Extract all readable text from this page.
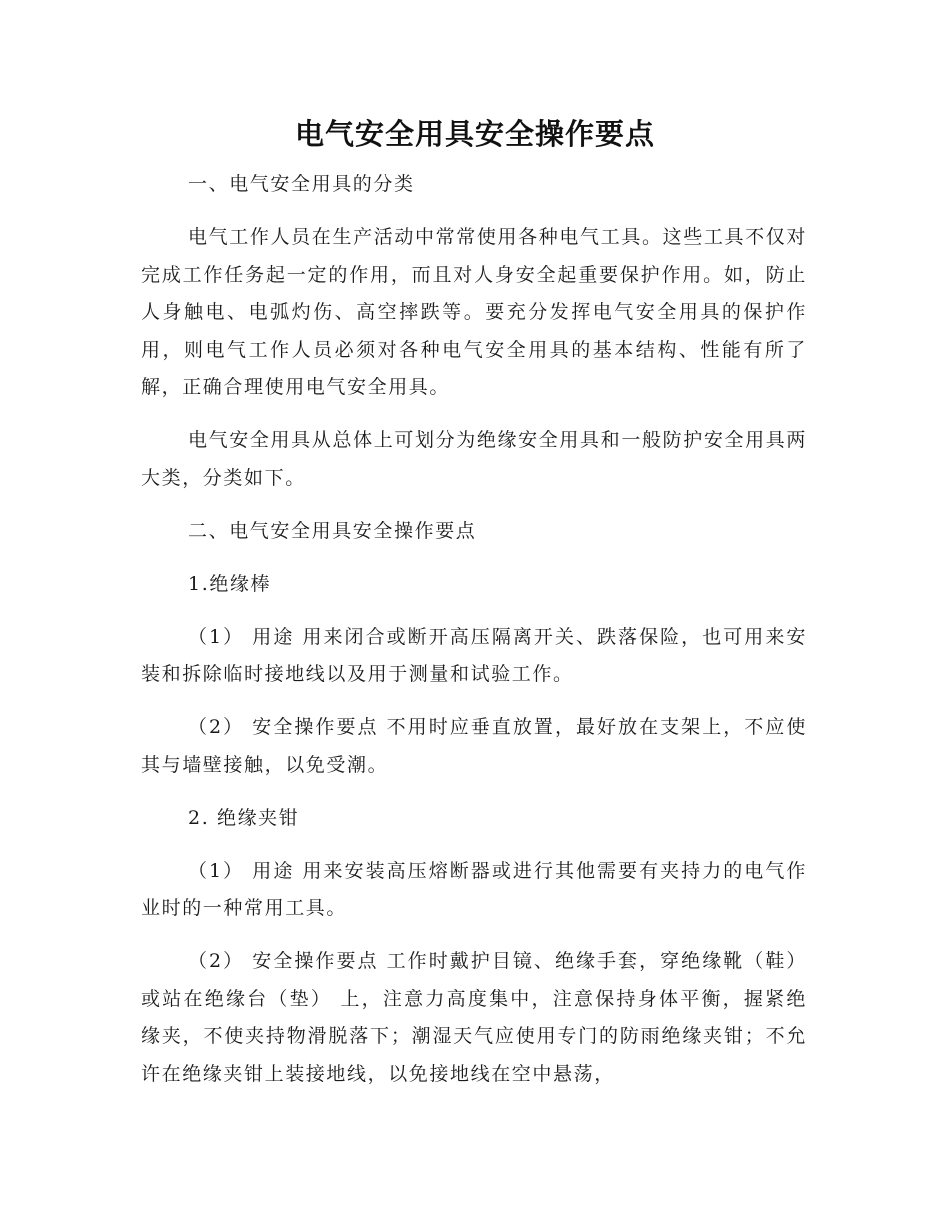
电气安全用具安全操作要点

一、电气安全用具的分类

电气工作人员在生产活动中常常使用各种电气工具。这些工具不仅对完成工作任务起一定的作用，而且对人身安全起重要保护作用。如，防止人身触电、电弧灼伤、高空摔跌等。要充分发挥电气安全用具的保护作用，则电气工作人员必须对各种电气安全用具的基本结构、性能有所了解，正确合理使用电气安全用具。

电气安全用具从总体上可划分为绝缘安全用具和一般防护安全用具两大类，分类如下。

二、电气安全用具安全操作要点

1.绝缘棒

（1） 用途 用来闭合或断开高压隔离开关、跌落保险，也可用来安装和拆除临时接地线以及用于测量和试验工作。

（2） 安全操作要点 不用时应垂直放置，最好放在支架上，不应使其与墙壁接触，以免受潮。

2. 绝缘夹钳

（1） 用途 用来安装高压熔断器或进行其他需要有夹持力的电气作业时的一种常用工具。

（2） 安全操作要点 工作时戴护目镜、绝缘手套，穿绝缘靴（鞋） 或站在绝缘台（垫） 上，注意力高度集中，注意保持身体平衡，握紧绝缘夹，不使夹持物滑脱落下；潮湿天气应使用专门的防雨绝缘夹钳；不允许在绝缘夹钳上装接地线，以免接地线在空中悬荡，
